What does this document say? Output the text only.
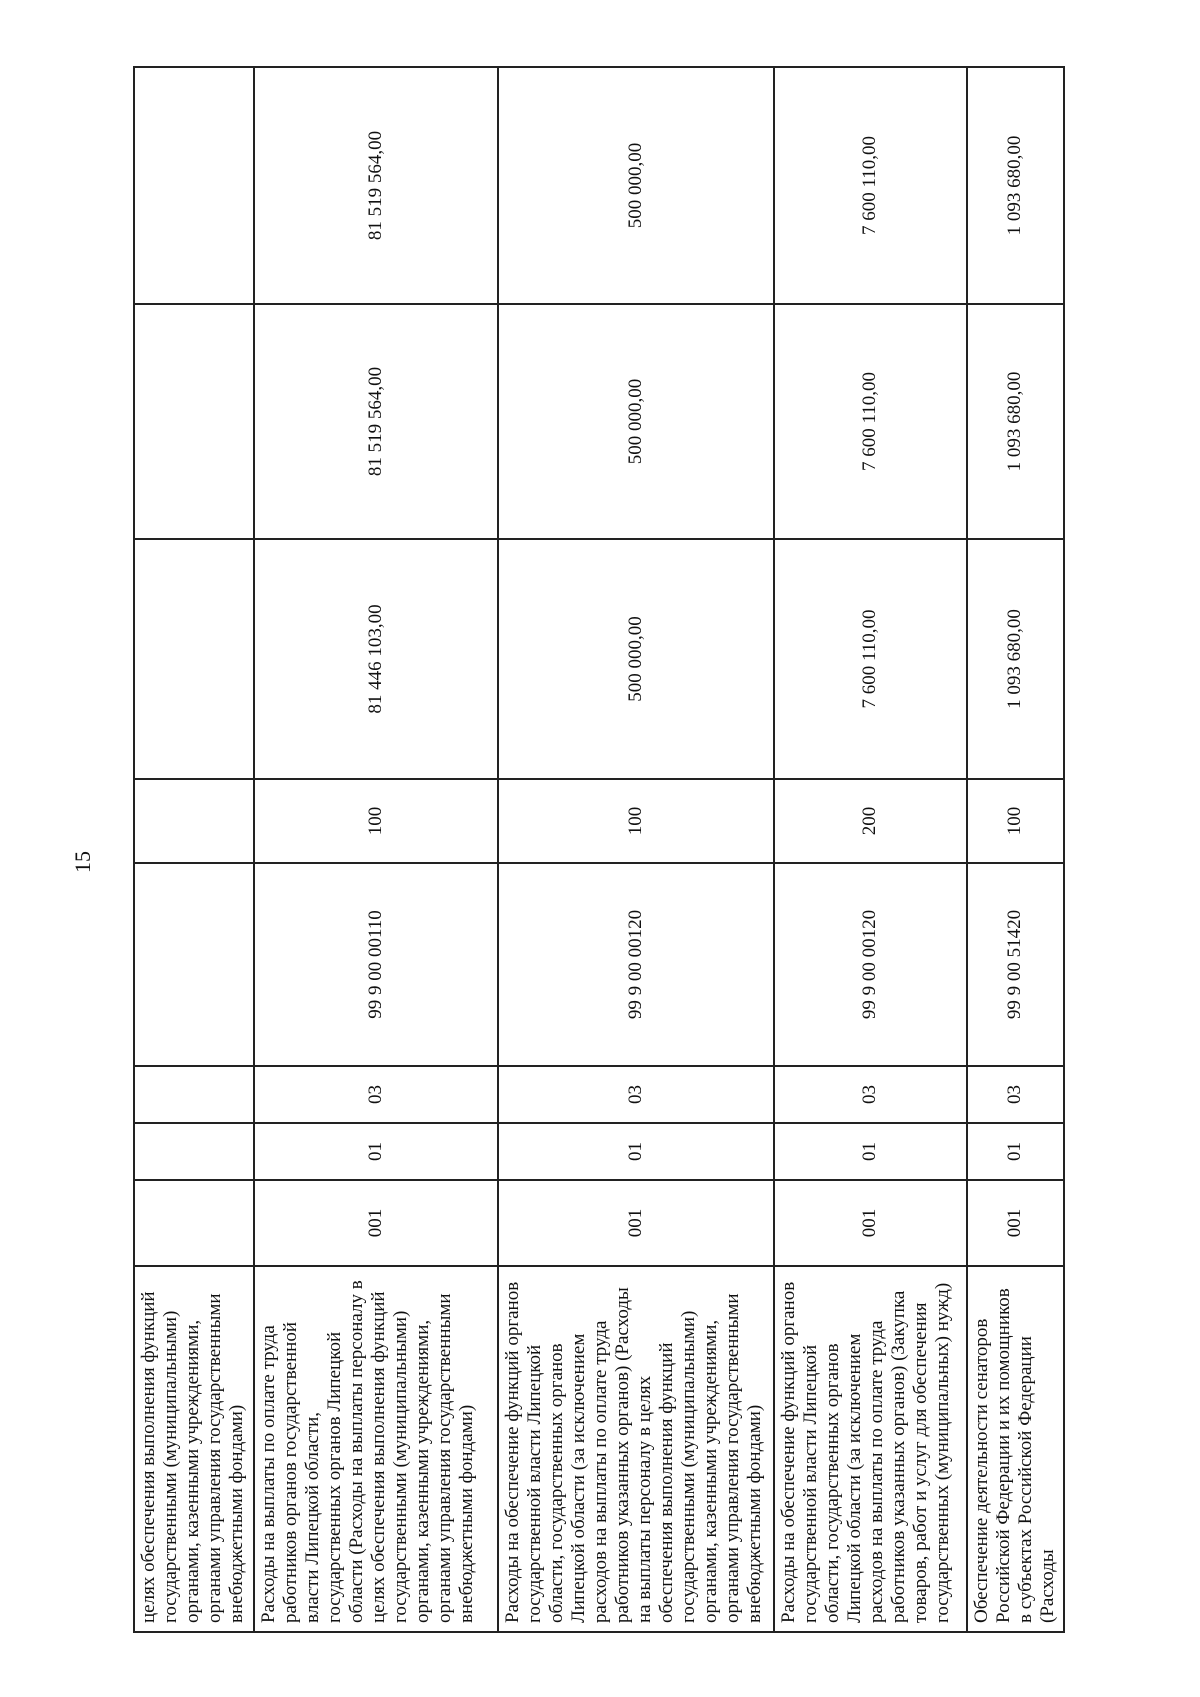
15
целях обеспечения выполнения функций государственными (муниципальными) органами, казенными учреждениями, органами управления государственными внебюджетными фондами)								
Расходы на выплаты по оплате труда работников органов государственной власти Липецкой области, государственных органов Липецкой области (Расходы на выплаты персоналу в целях обеспечения выполнения функций государственными (муниципальными) органами, казенными учреждениями, органами управления государственными внебюджетными фондами)	001	01	03	99 9 00 00110	100	81 446 103,00	81 519 564,00	81 519 564,00
Расходы на обеспечение функций органов государственной власти Липецкой области, государственных органов Липецкой области (за исключением расходов на выплаты по оплате труда работников указанных органов) (Расходы на выплаты персоналу в целях обеспечения выполнения функций государственными (муниципальными) органами, казенными учреждениями, органами управления государственными внебюджетными фондами)	001	01	03	99 9 00 00120	100	500 000,00	500 000,00	500 000,00
Расходы на обеспечение функций органов государственной власти Липецкой области, государственных органов Липецкой области (за исключением расходов на выплаты по оплате труда работников указанных органов) (Закупка товаров, работ и услуг для обеспечения государственных (муниципальных) нужд)	001	01	03	99 9 00 00120	200	7 600 110,00	7 600 110,00	7 600 110,00
Обеспечение деятельности сенаторов Российской Федерации и их помощников в субъектах Российской Федерации (Расходы	001	01	03	99 9 00 51420	100	1 093 680,00	1 093 680,00	1 093 680,00
